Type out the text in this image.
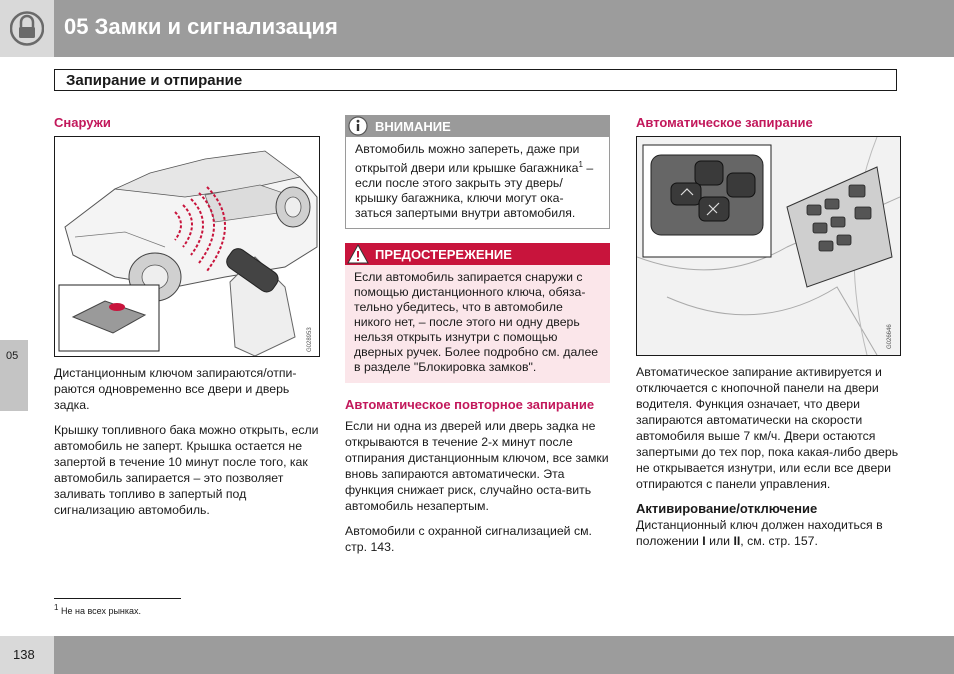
05 Замки и сигнализация
Запирание и отпирание
05
Снаружи
G028953

Дистанционным ключом запираются/отпи-раются одновременно все двери и дверь задка.

Крышку топливного бака можно открыть, если автомобиль не заперт. Крышка остается не запертой в течение 10 минут после того, как автомобиль запирается – это позволяет заливать топливо в запертый под сигнализацию автомобиль.

ВНИМАНИЕ
Автомобиль можно запереть, даже при открытой двери или крышке багажника$^1$ – если после этого закрыть эту дверь/крышку багажника, ключи могут ока-заться запертыми внутри автомобиля.
ПРЕДОСТЕРЕЖЕНИЕ
Если автомобиль запирается снаружи с помощью дистанционного ключа, обяза-тельно убедитесь, что в автомобиле никого нет, – после этого ни одну дверь нельзя открыть изнутри с помощью дверных ручек. Более подробно см. далее в разделе "Блокировка замков".
Автоматическое повторное запирание

Если ни одна из дверей или дверь задка не открываются в течение 2-х минут после отпирания дистанционным ключом, все замки вновь запираются автоматически. Эта функция снижает риск, случайно оста-вить автомобиль незапертым.

Автомобили с охранной сигнализацией см. стр. 143.

Автоматическое запирание
G026646

Автоматическое запирание активируется и отключается с кнопочной панели на двери водителя. Функция означает, что двери запираются автоматически на скорости автомобиля выше 7 км/ч. Двери остаются запертыми до тех пор, пока какая-либо дверь не открывается изнутри, или если все двери отпираются с панели управления.

Активирование/отключение

Дистанционный ключ должен находиться в положении I или II, см. стр. 157.

$^1$ Не на всех рынках.
138
